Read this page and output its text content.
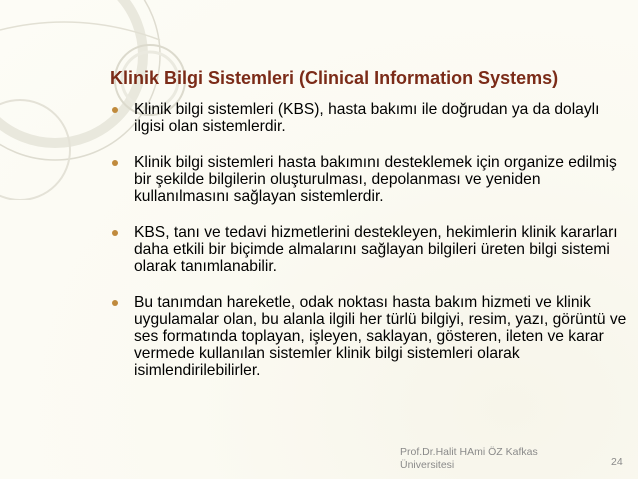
Klinik Bilgi Sistemleri (Clinical Information Systems)
Klinik bilgi sistemleri (KBS), hasta bakımı ile doğrudan ya da dolaylı ilgisi olan sistemlerdir.
Klinik bilgi sistemleri hasta bakımını desteklemek için organize edilmiş bir şekilde bilgilerin oluşturulması, depolanması ve yeniden kullanılmasını sağlayan sistemlerdir.
KBS, tanı ve tedavi hizmetlerini destekleyen, hekimlerin klinik kararları daha etkili bir biçimde almalarını sağlayan bilgileri üreten bilgi sistemi olarak tanımlanabilir.
Bu tanımdan hareketle, odak noktası hasta bakım hizmeti ve klinik uygulamalar olan, bu alanla ilgili her türlü bilgiyi, resim, yazı, görüntü ve ses formatında toplayan, işleyen, saklayan, gösteren, ileten ve karar vermede kullanılan sistemler klinik bilgi sistemleri olarak isimlendirilebilirler.
Prof.Dr.Halit HAmi ÖZ Kafkas
Üniversitesi	24
